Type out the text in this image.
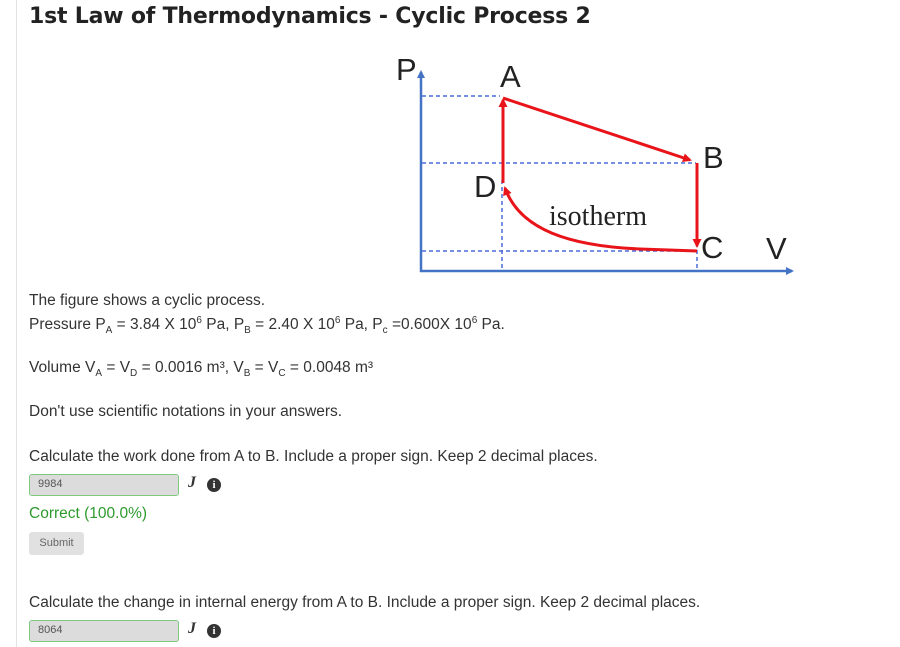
1st Law of Thermodynamics - Cyclic Process 2
P
V
A
B
C
D
isotherm
The figure shows a cyclic process.
Pressure $P_A = 3.84$ X $10^6$ Pa, $P_B = 2.40$ X $10^6$ Pa, $P_c =0.600X$ $10^6$ Pa.
Volume $V_A = V_D = 0.0016$ m³, $V_B = V_C = 0.0048$ m³
Don't use scientific notations in your answers.
Calculate the work done from A to B. Include a proper sign. Keep 2 decimal places.
9984	J	i
Correct (100.0%)
Submit
Calculate the change in internal energy from A to B. Include a proper sign. Keep 2 decimal places.
8064	J	i
